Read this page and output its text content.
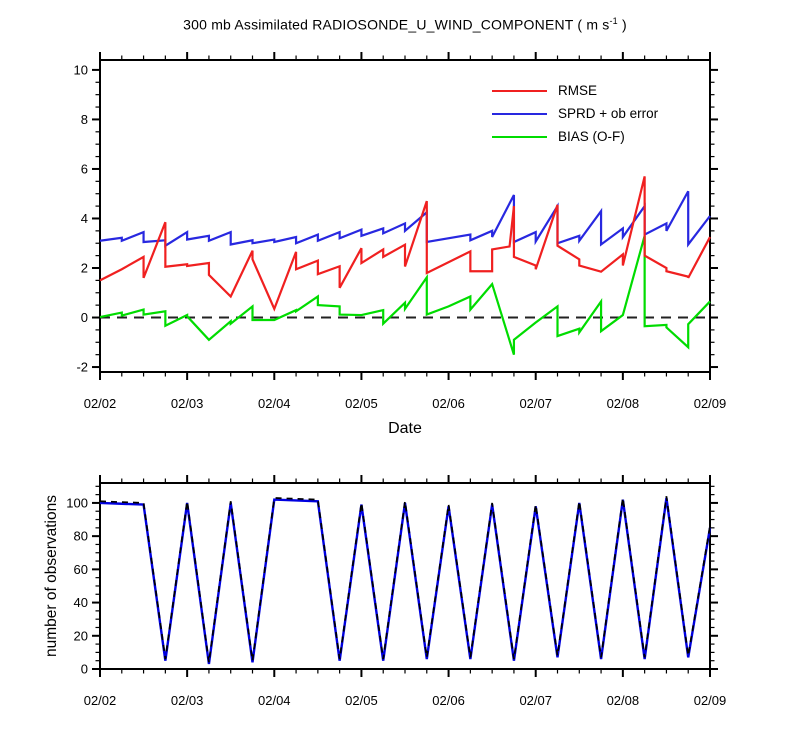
300 mb Assimilated RADIOSONDE_U_WIND_COMPONENT ( m $s^{-1}$ )
-2
0
2
4
6
8
10
02/02	02/03	02/04	02/05	02/06	02/07	02/08	02/09
0
20
40
60
80
100
02/02	02/03	02/04	02/05	02/06	02/07	02/08	02/09
Date
number of observations
RMSE
SPRD + ob error
BIAS (O-F)
